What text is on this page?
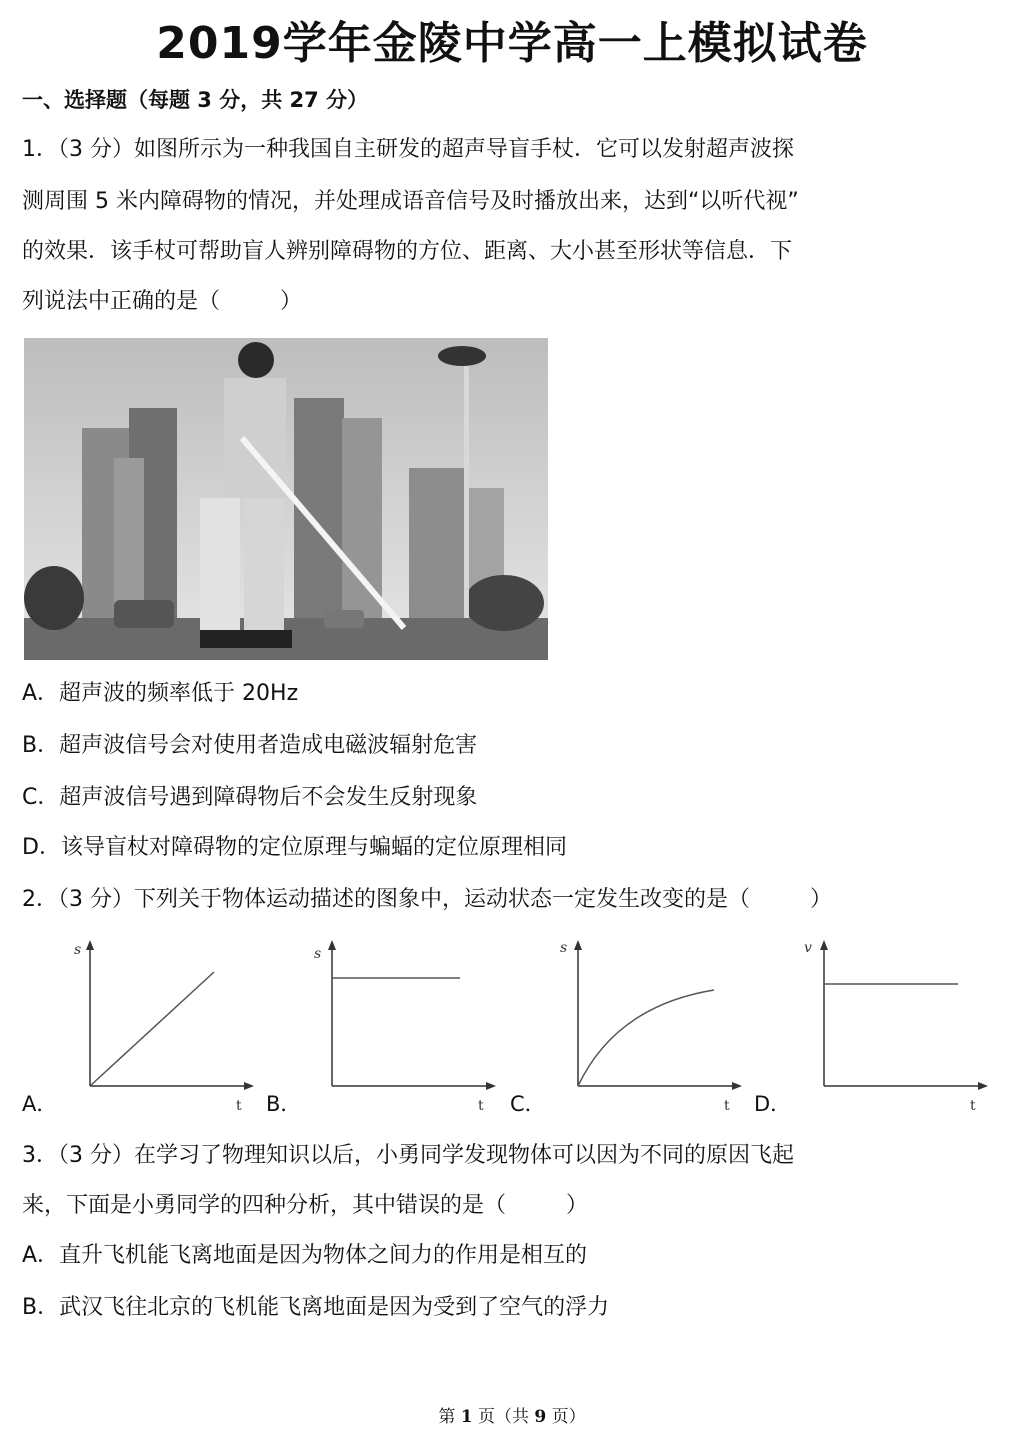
2019学年金陵中学高一上模拟试卷
一、选择题（每题 3 分，共 27 分）
1．（3 分）如图所示为一种我国自主研发的超声导盲手杖．它可以发射超声波探
测周围 5 米内障碍物的情况，并处理成语音信号及时播放出来，达到“以听代视”
的效果．该手杖可帮助盲人辨别障碍物的方位、距离、大小甚至形状等信息．下
列说法中正确的是（	）
A．超声波的频率低于 20Hz
B．超声波信号会对使用者造成电磁波辐射危害
C．超声波信号遇到障碍物后不会发生反射现象
D．该导盲杖对障碍物的定位原理与蝙蝠的定位原理相同
2．（3 分）下列关于物体运动描述的图象中，运动状态一定发生改变的是（	）
A．
s
t B．
s
t C．
s
t D．
v
t
3．（3 分）在学习了物理知识以后，小勇同学发现物体可以因为不同的原因飞起
来，下面是小勇同学的四种分析，其中错误的是（	）
A．直升飞机能飞离地面是因为物体之间力的作用是相互的
B．武汉飞往北京的飞机能飞离地面是因为受到了空气的浮力
第 1 页（共 9 页）
